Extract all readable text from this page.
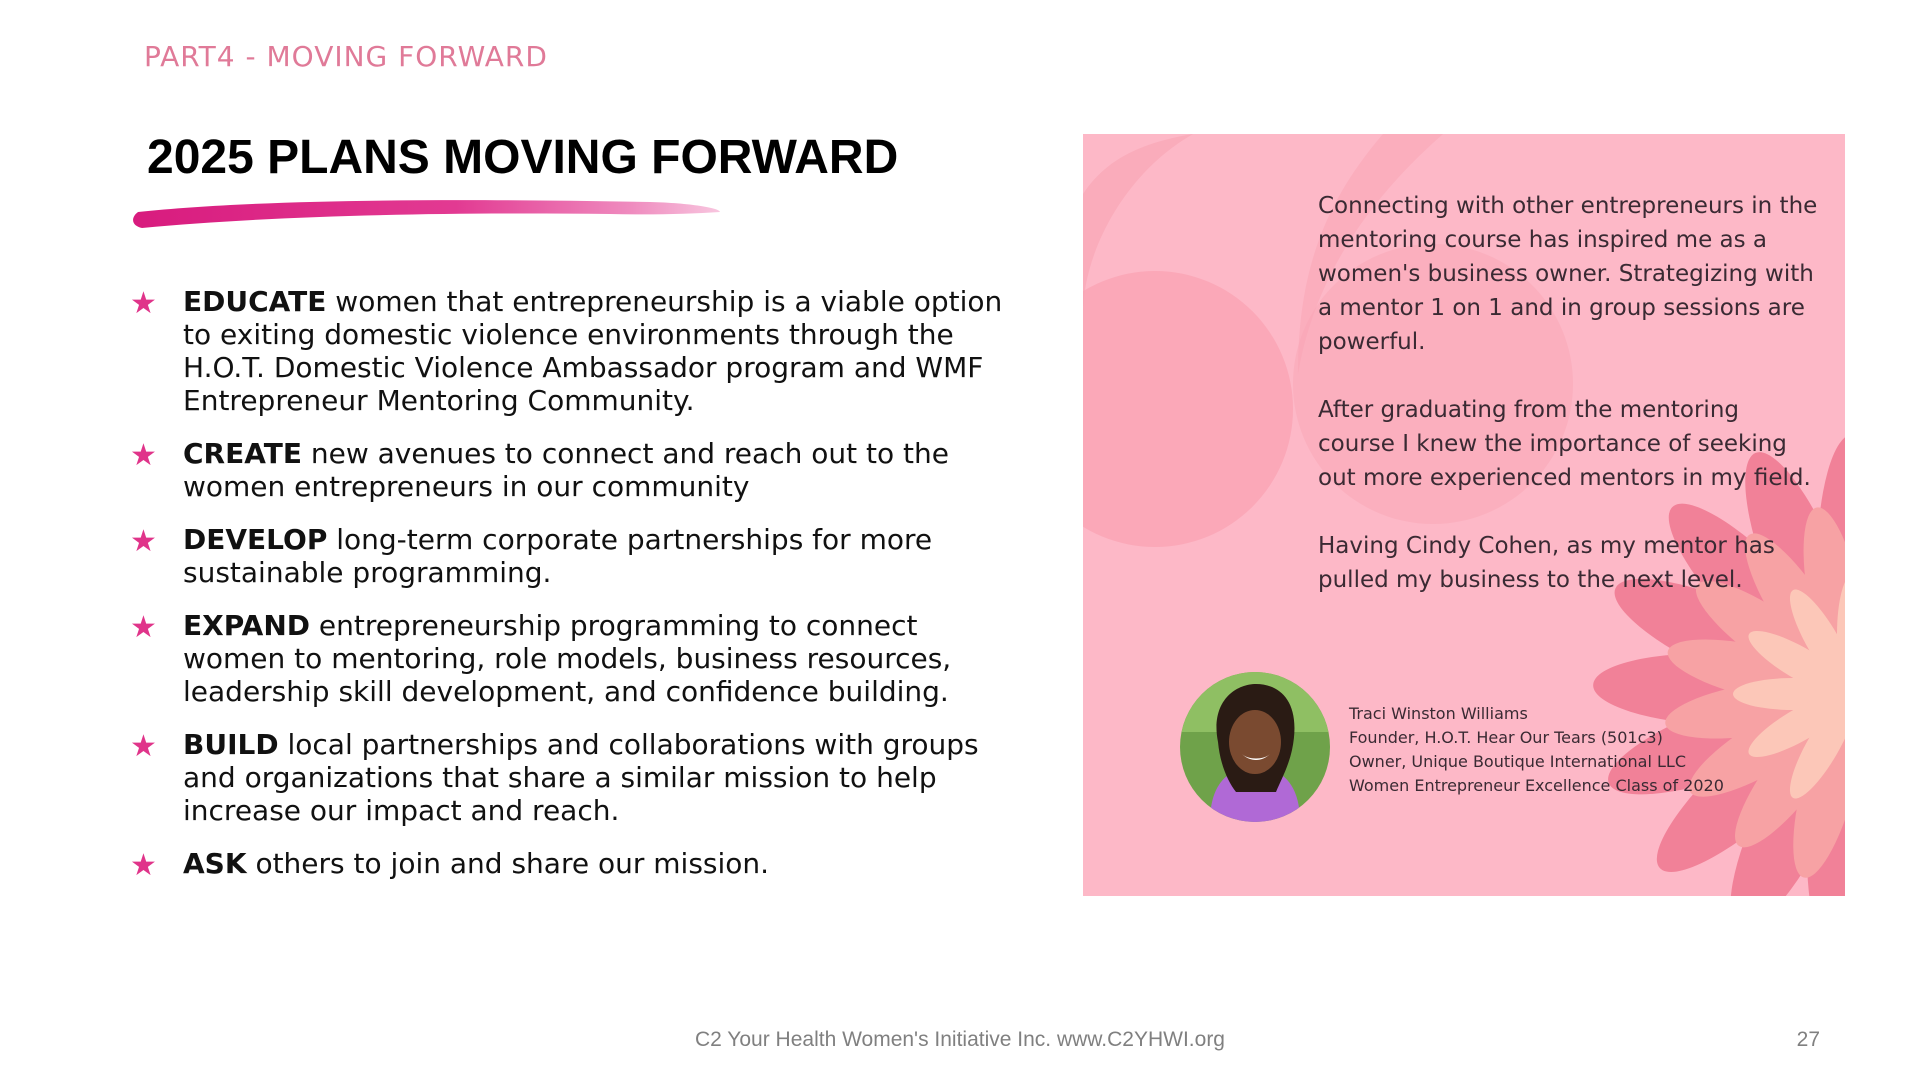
PART4 - MOVING FORWARD
2025 PLANS MOVING FORWARD
★ EDUCATE women that entrepreneurship is a viable option to exiting domestic violence environments through the H.O.T. Domestic Violence Ambassador program and WMF Entrepreneur Mentoring Community.
★ CREATE new avenues to connect and reach out to the women entrepreneurs in our community
★ DEVELOP long-term corporate partnerships for more sustainable programming.
★ EXPAND entrepreneurship programming to connect women to mentoring, role models, business resources, leadership skill development, and confidence building.
★ BUILD local partnerships and collaborations with groups and organizations that share a similar mission to help increase our impact and reach.
★ ASK others to join and share our mission.

Connecting with other entrepreneurs in the mentoring course has inspired me as a women's business owner. Strategizing with a mentor 1 on 1 and in group sessions are powerful.

After graduating from the mentoring course I knew the importance of seeking out more experienced mentors in my field.

Having Cindy Cohen, as my mentor has pulled my business to the next level.

Traci Winston Williams
Founder, H.O.T. Hear Our Tears (501c3)
Owner, Unique Boutique International LLC
Women Entrepreneur Excellence Class of 2020
C2 Your Health Women's Initiative Inc. www.C2YHWI.org	27
